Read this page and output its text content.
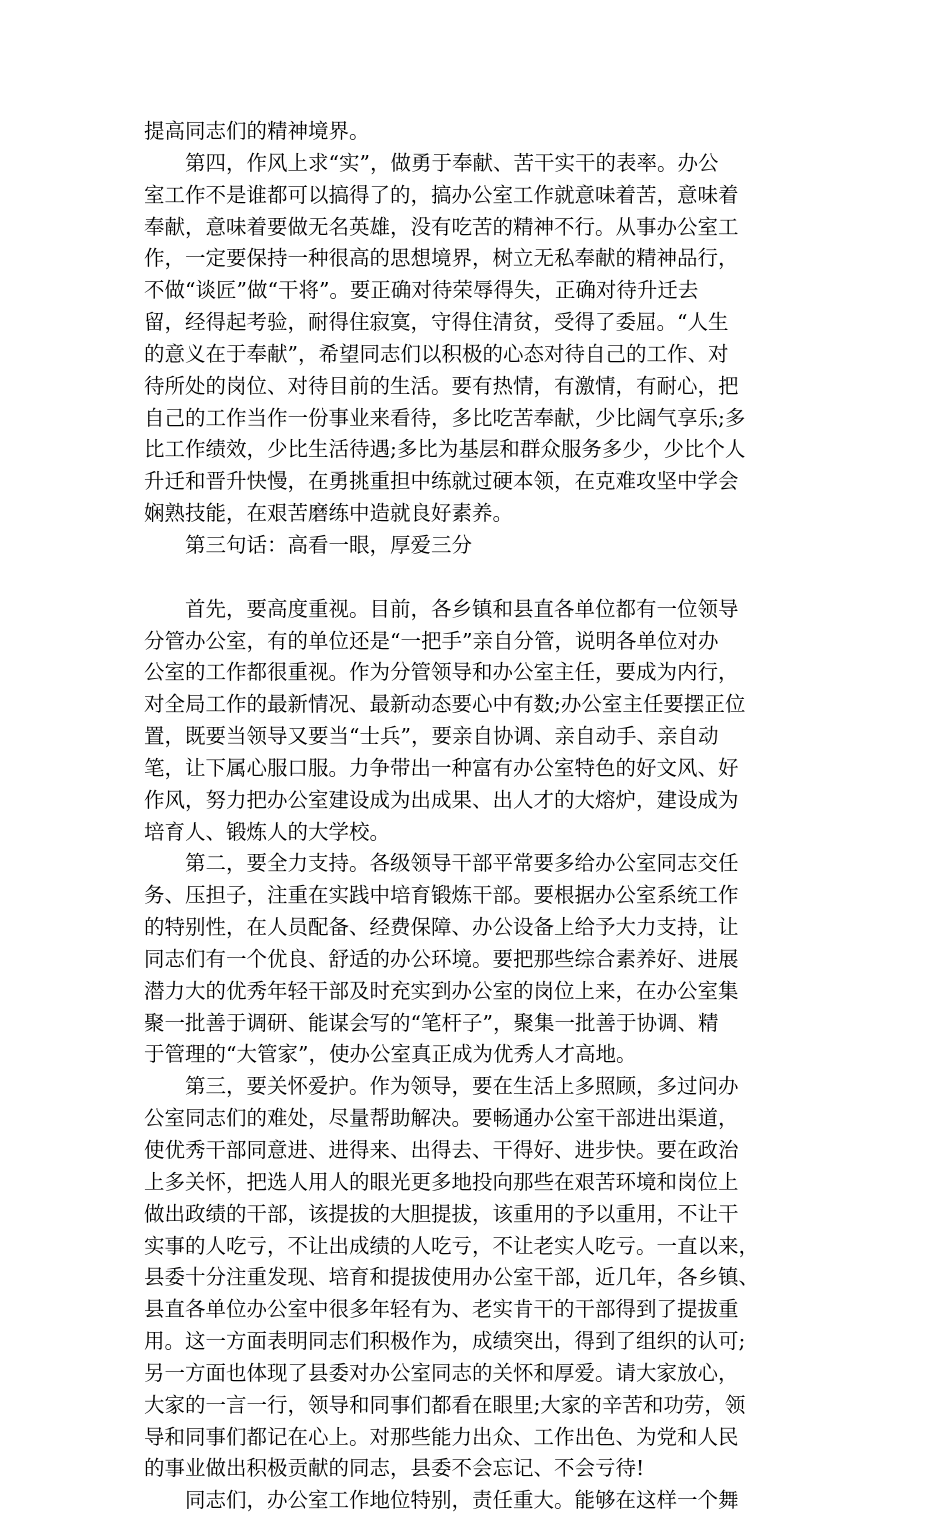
提高同志们的精神境界。
　　第四，作风上求“实”，做勇于奉献、苦干实干的表率。办公
室工作不是谁都可以搞得了的，搞办公室工作就意味着苦，意味着
奉献，意味着要做无名英雄，没有吃苦的精神不行。从事办公室工
作，一定要保持一种很高的思想境界，树立无私奉献的精神品行，
不做“谈匠”做“干将”。要正确对待荣辱得失，正确对待升迁去
留，经得起考验，耐得住寂寞，守得住清贫，受得了委屈。“人生
的意义在于奉献”，希望同志们以积极的心态对待自己的工作、对
待所处的岗位、对待目前的生活。要有热情，有激情，有耐心，把
自己的工作当作一份事业来看待，多比吃苦奉献，少比阔气享乐;多
比工作绩效，少比生活待遇;多比为基层和群众服务多少，少比个人
升迁和晋升快慢，在勇挑重担中练就过硬本领，在克难攻坚中学会
娴熟技能，在艰苦磨练中造就良好素养。
　　第三句话：高看一眼，厚爱三分
　　首先，要高度重视。目前，各乡镇和县直各单位都有一位领导
分管办公室，有的单位还是“一把手”亲自分管，说明各单位对办
公室的工作都很重视。作为分管领导和办公室主任，要成为内行，
对全局工作的最新情况、最新动态要心中有数;办公室主任要摆正位
置，既要当领导又要当“士兵”，要亲自协调、亲自动手、亲自动
笔，让下属心服口服。力争带出一种富有办公室特色的好文风、好
作风，努力把办公室建设成为出成果、出人才的大熔炉，建设成为
培育人、锻炼人的大学校。
　　第二，要全力支持。各级领导干部平常要多给办公室同志交任
务、压担子，注重在实践中培育锻炼干部。要根据办公室系统工作
的特别性，在人员配备、经费保障、办公设备上给予大力支持，让
同志们有一个优良、舒适的办公环境。要把那些综合素养好、进展
潜力大的优秀年轻干部及时充实到办公室的岗位上来，在办公室集
聚一批善于调研、能谋会写的“笔杆子”，聚集一批善于协调、精
于管理的“大管家”，使办公室真正成为优秀人才高地。
　　第三，要关怀爱护。作为领导，要在生活上多照顾，多过问办
公室同志们的难处，尽量帮助解决。要畅通办公室干部进出渠道，
使优秀干部同意进、进得来、出得去、干得好、进步快。要在政治
上多关怀，把选人用人的眼光更多地投向那些在艰苦环境和岗位上
做出政绩的干部，该提拔的大胆提拔，该重用的予以重用，不让干
实事的人吃亏，不让出成绩的人吃亏，不让老实人吃亏。一直以来，
县委十分注重发现、培育和提拔使用办公室干部，近几年，各乡镇、
县直各单位办公室中很多年轻有为、老实肯干的干部得到了提拔重
用。这一方面表明同志们积极作为，成绩突出，得到了组织的认可;
另一方面也体现了县委对办公室同志的关怀和厚爱。请大家放心，
大家的一言一行，领导和同事们都看在眼里;大家的辛苦和功劳，领
导和同事们都记在心上。对那些能力出众、工作出色、为党和人民
的事业做出积极贡献的同志，县委不会忘记、不会亏待!
　　同志们，办公室工作地位特别，责任重大。能够在这样一个舞
